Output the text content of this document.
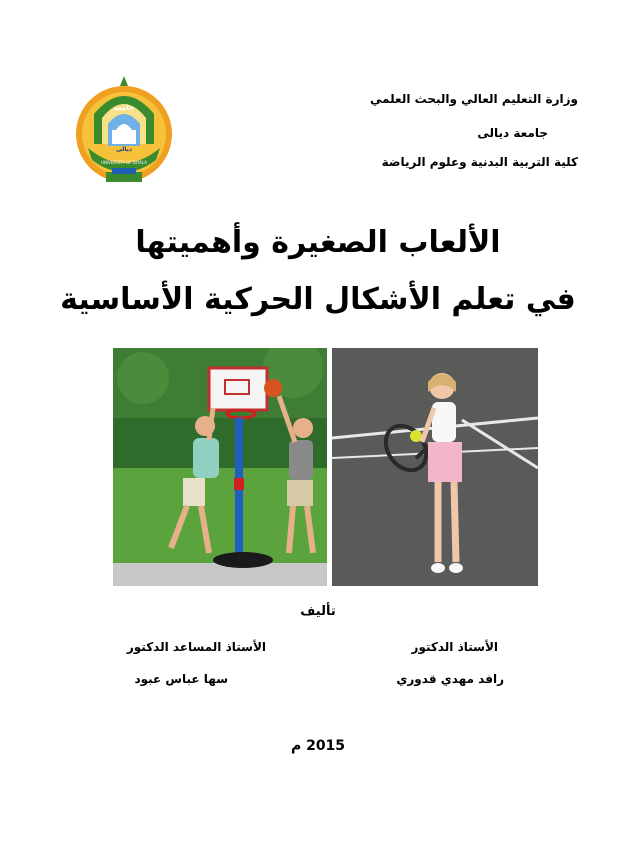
وزارة التعليم العالي والبحث العلمي
جامعة ديالى
كلية التربية البدنية وعلوم الرياضة
جامعة
UNIVERSITY OF DIYALA
ديالى
الألعاب الصغيرة وأهميتها
في تعلم الأشكال الحركية الأساسية
تأليف
الأستاذ الدكتور
رافد مهدي قدوري
الأستاذ المساعد الدكتور
سها عباس عبود
2015 م
